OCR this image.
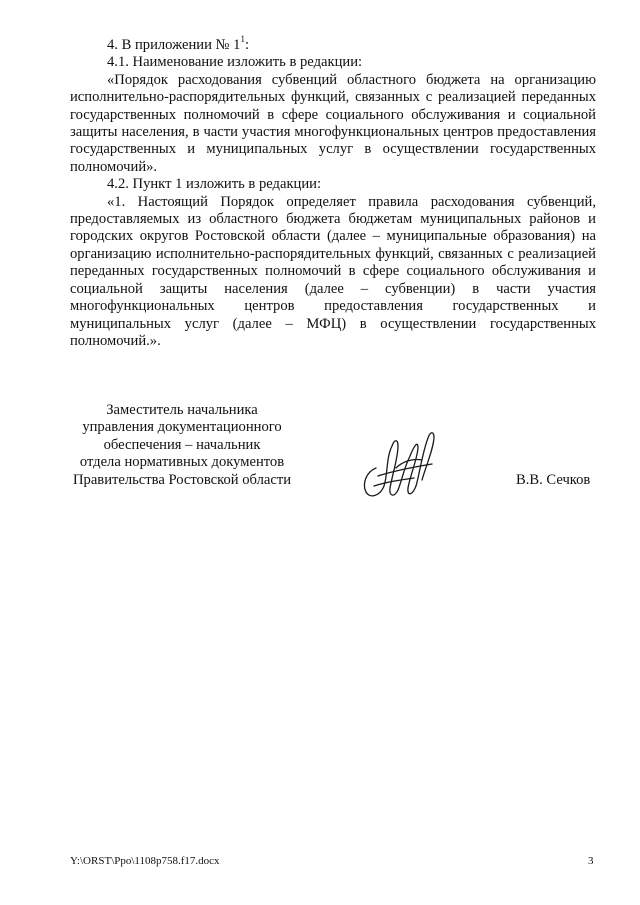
4. В приложении № $1^1$:

4.1. Наименование изложить в редакции:

«Порядок расходования субвенций областного бюджета на организацию исполнительно-распорядительных функций, связанных с реализацией переданных государственных полномочий в сфере социального обслуживания и социальной защиты населения, в части участия многофункциональных центров предоставления государственных и муниципальных услуг в осуществлении государственных полномочий».

4.2. Пункт 1 изложить в редакции:

«1. Настоящий Порядок определяет правила расходования субвенций, предоставляемых из областного бюджета бюджетам муниципальных районов и городских округов Ростовской области (далее – муниципальные образования) на организацию исполнительно-распорядительных функций, связанных с реализацией переданных государственных полномочий в сфере социального обслуживания и социальной защиты населения (далее – субвенции) в части участия многофункциональных центров предоставления государственных и муниципальных услуг (далее – МФЦ) в осуществлении государственных полномочий.».

Заместитель начальника
управления документационного
обеспечения – начальник
отдела нормативных документов
Правительства Ростовской области	В.В. Сечков
Y:\ORST\Ppo\1108p758.f17.docx	3
